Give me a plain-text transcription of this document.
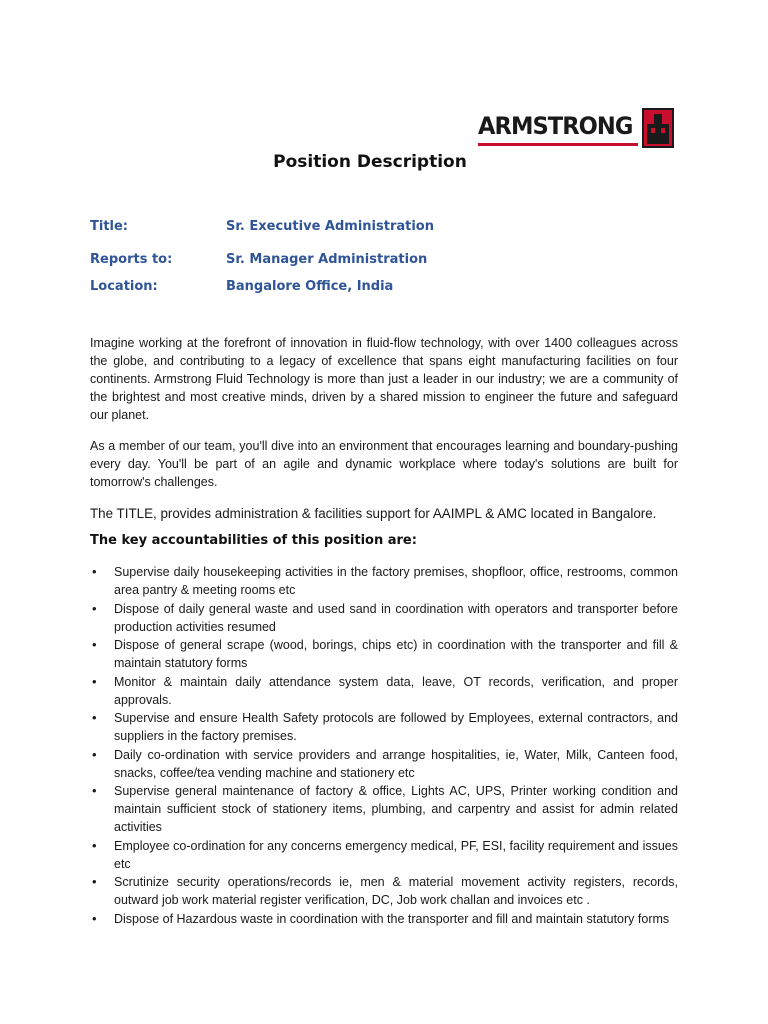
ARMSTRONG
Position Description
Title:	Sr. Executive Administration
Reports to:	Sr. Manager Administration
Location:	Bangalore Office, India

Imagine working at the forefront of innovation in fluid-flow technology, with over 1400 colleagues across the globe, and contributing to a legacy of excellence that spans eight manufacturing facilities on four continents. Armstrong Fluid Technology is more than just a leader in our industry; we are a community of the brightest and most creative minds, driven by a shared mission to engineer the future and safeguard our planet.

As a member of our team, you'll dive into an environment that encourages learning and boundary-pushing every day. You'll be part of an agile and dynamic workplace where today's solutions are built for tomorrow's challenges.

The TITLE, provides administration & facilities support for AAIMPL & AMC located in Bangalore.

The key accountabilities of this position are:
• Supervise daily housekeeping activities in the factory premises, shopfloor, office, restrooms, common area pantry & meeting rooms etc
• Dispose of daily general waste and used sand in coordination with operators and transporter before production activities resumed
• Dispose of general scrape (wood, borings, chips etc) in coordination with the transporter and fill & maintain statutory forms
• Monitor & maintain daily attendance system data, leave, OT records, verification, and proper approvals.
• Supervise and ensure Health Safety protocols are followed by Employees, external contractors, and suppliers in the factory premises.
• Daily co-ordination with service providers and arrange hospitalities, ie, Water, Milk, Canteen food, snacks, coffee/tea vending machine and stationery etc
• Supervise general maintenance of factory & office, Lights AC, UPS, Printer working condition and maintain sufficient stock of stationery items, plumbing, and carpentry and assist for admin related activities
• Employee co-ordination for any concerns emergency medical, PF, ESI, facility requirement and issues etc
• Scrutinize security operations/records ie, men & material movement activity registers, records, outward job work material register verification, DC, Job work challan and invoices etc .
• Dispose of Hazardous waste in coordination with the transporter and fill and maintain statutory forms
